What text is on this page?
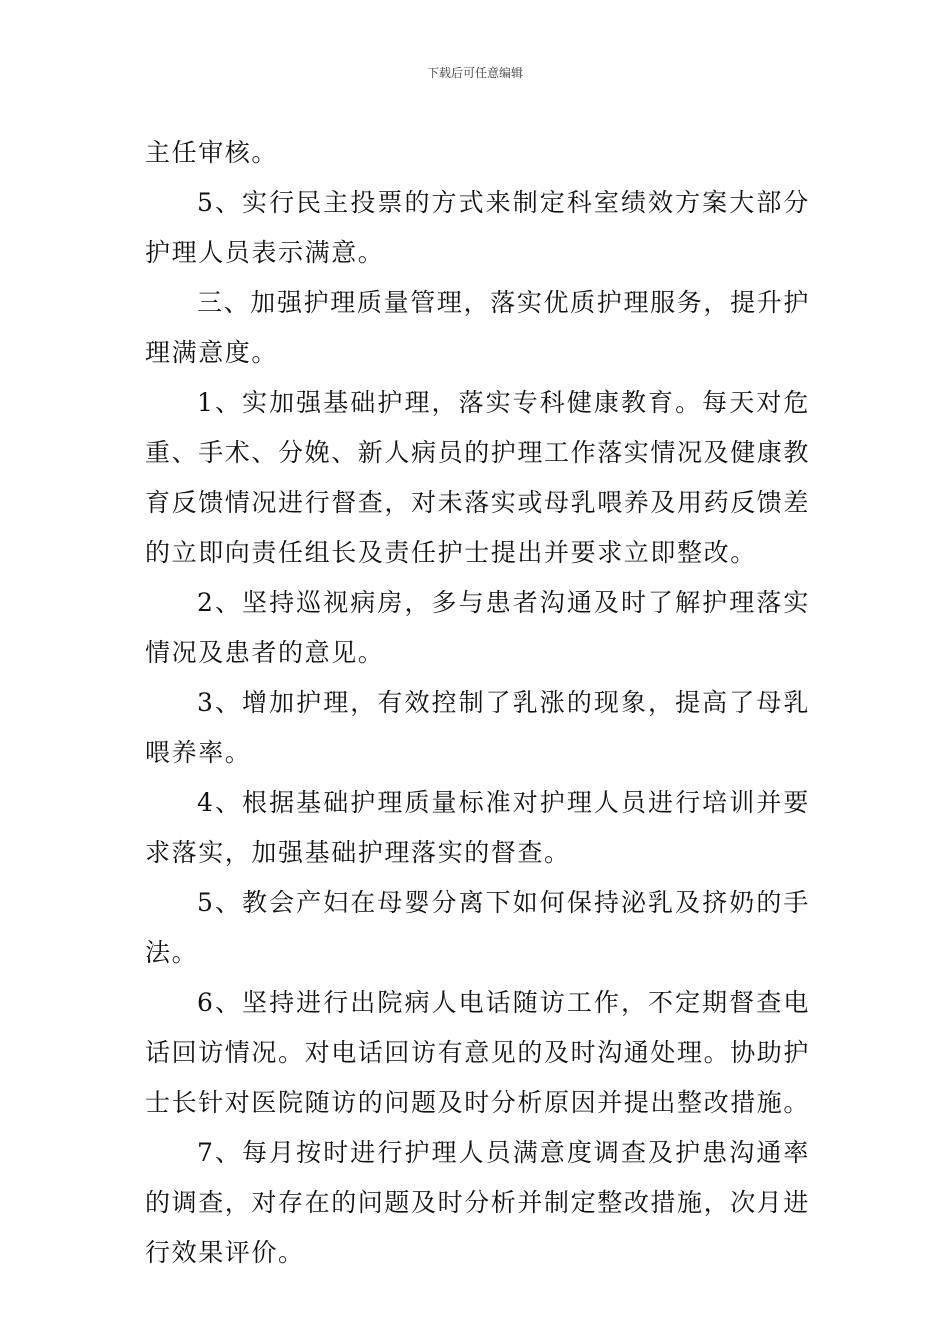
下载后可任意编辑

主任审核。

5、实行民主投票的方式来制定科室绩效方案大部分护理人员表示满意。

三、加强护理质量管理，落实优质护理服务，提升护理满意度。

1、实加强基础护理，落实专科健康教育。每天对危重、手术、分娩、新人病员的护理工作落实情况及健康教育反馈情况进行督查，对未落实或母乳喂养及用药反馈差的立即向责任组长及责任护士提出并要求立即整改。

2、坚持巡视病房，多与患者沟通及时了解护理落实情况及患者的意见。

3、增加护理，有效控制了乳涨的现象，提高了母乳喂养率。

4、根据基础护理质量标准对护理人员进行培训并要求落实，加强基础护理落实的督查。

5、教会产妇在母婴分离下如何保持泌乳及挤奶的手法。

6、坚持进行出院病人电话随访工作，不定期督查电话回访情况。对电话回访有意见的及时沟通处理。协助护士长针对医院随访的问题及时分析原因并提出整改措施。

7、每月按时进行护理人员满意度调查及护患沟通率的调查，对存在的问题及时分析并制定整改措施，次月进行效果评价。
